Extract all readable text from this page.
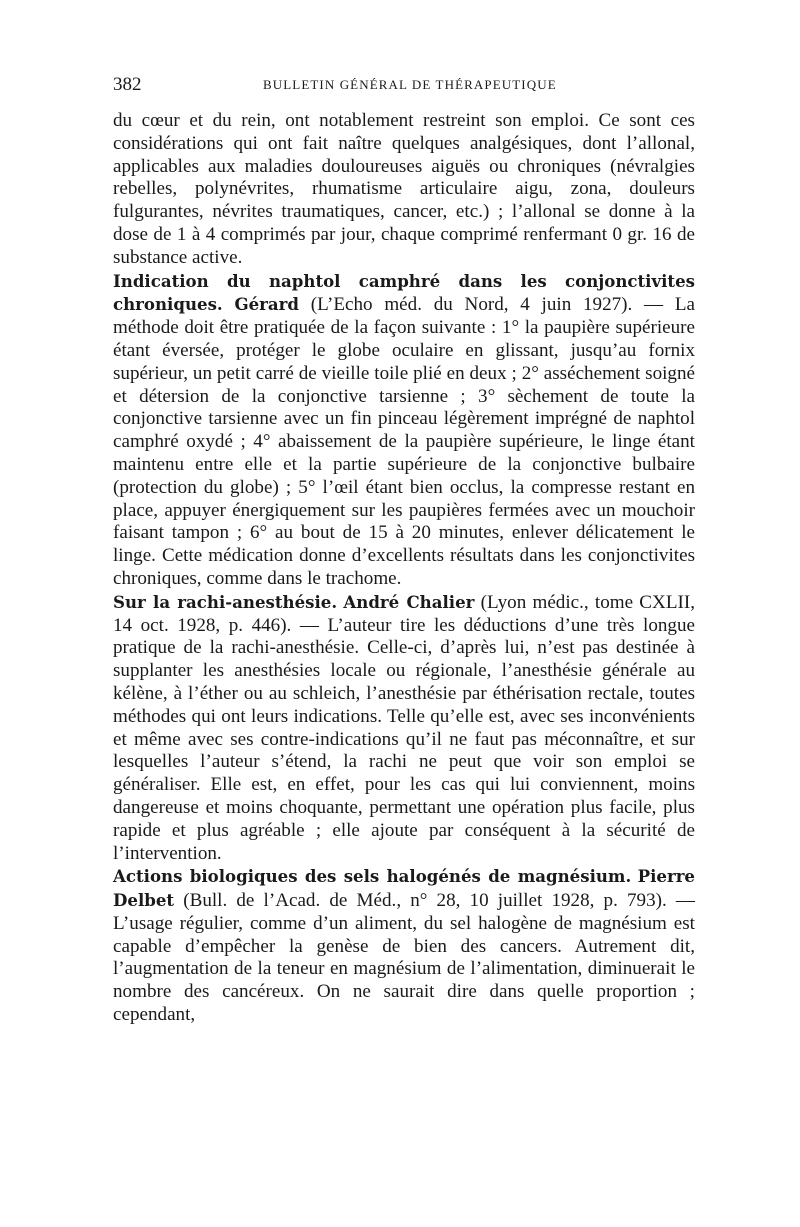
382	BULLETIN GÉNÉRAL DE THÉRAPEUTIQUE

du cœur et du rein, ont notablement restreint son emploi. Ce sont ces considérations qui ont fait naître quelques analgésiques, dont l’allonal, applicables aux maladies douloureuses aiguës ou chroniques (névralgies rebelles, polynévrites, rhumatisme articulaire aigu, zona, douleurs fulgurantes, névrites traumatiques, cancer, etc.) ; l’allonal se donne à la dose de 1 à 4 comprimés par jour, chaque comprimé renfermant 0 gr. 16 de substance active.

Indication du naphtol camphré dans les conjonctivites chroniques. Gérard (L’Echo méd. du Nord, 4 juin 1927). — La méthode doit être pratiquée de la façon suivante : 1° la paupière supérieure étant éversée, protéger le globe oculaire en glissant, jusqu’au fornix supérieur, un petit carré de vieille toile plié en deux ; 2° asséchement soigné et détersion de la conjonctive tarsienne ; 3° sèchement de toute la conjonctive tarsienne avec un fin pinceau légèrement imprégné de naphtol camphré oxydé ; 4° abaissement de la paupière supérieure, le linge étant maintenu entre elle et la partie supérieure de la conjonctive bulbaire (protection du globe) ; 5° l’œil étant bien occlus, la compresse restant en place, appuyer énergiquement sur les paupières fermées avec un mouchoir faisant tampon ; 6° au bout de 15 à 20 minutes, enlever délicatement le linge. Cette médication donne d’excellents résultats dans les conjonctivites chroniques, comme dans le trachome.

Sur la rachi-anesthésie. André Chalier (Lyon médic., tome CXLII, 14 oct. 1928, p. 446). — L’auteur tire les déductions d’une très longue pratique de la rachi-anesthésie. Celle-ci, d’après lui, n’est pas destinée à supplanter les anesthésies locale ou régionale, l’anesthésie générale au kélène, à l’éther ou au schleich, l’anesthésie par éthérisation rectale, toutes méthodes qui ont leurs indications. Telle qu’elle est, avec ses inconvénients et même avec ses contre-indications qu’il ne faut pas méconnaître, et sur lesquelles l’auteur s’étend, la rachi ne peut que voir son emploi se généraliser. Elle est, en effet, pour les cas qui lui conviennent, moins dangereuse et moins choquante, permettant une opération plus facile, plus rapide et plus agréable ; elle ajoute par conséquent à la sécurité de l’intervention.

Actions biologiques des sels halogénés de magnésium. Pierre Delbet (Bull. de l’Acad. de Méd., n° 28, 10 juillet 1928, p. 793). — L’usage régulier, comme d’un aliment, du sel halogène de magnésium est capable d’empêcher la genèse de bien des cancers. Autrement dit, l’augmentation de la teneur en magnésium de l’alimentation, diminuerait le nombre des cancéreux. On ne saurait dire dans quelle proportion ; cependant,
